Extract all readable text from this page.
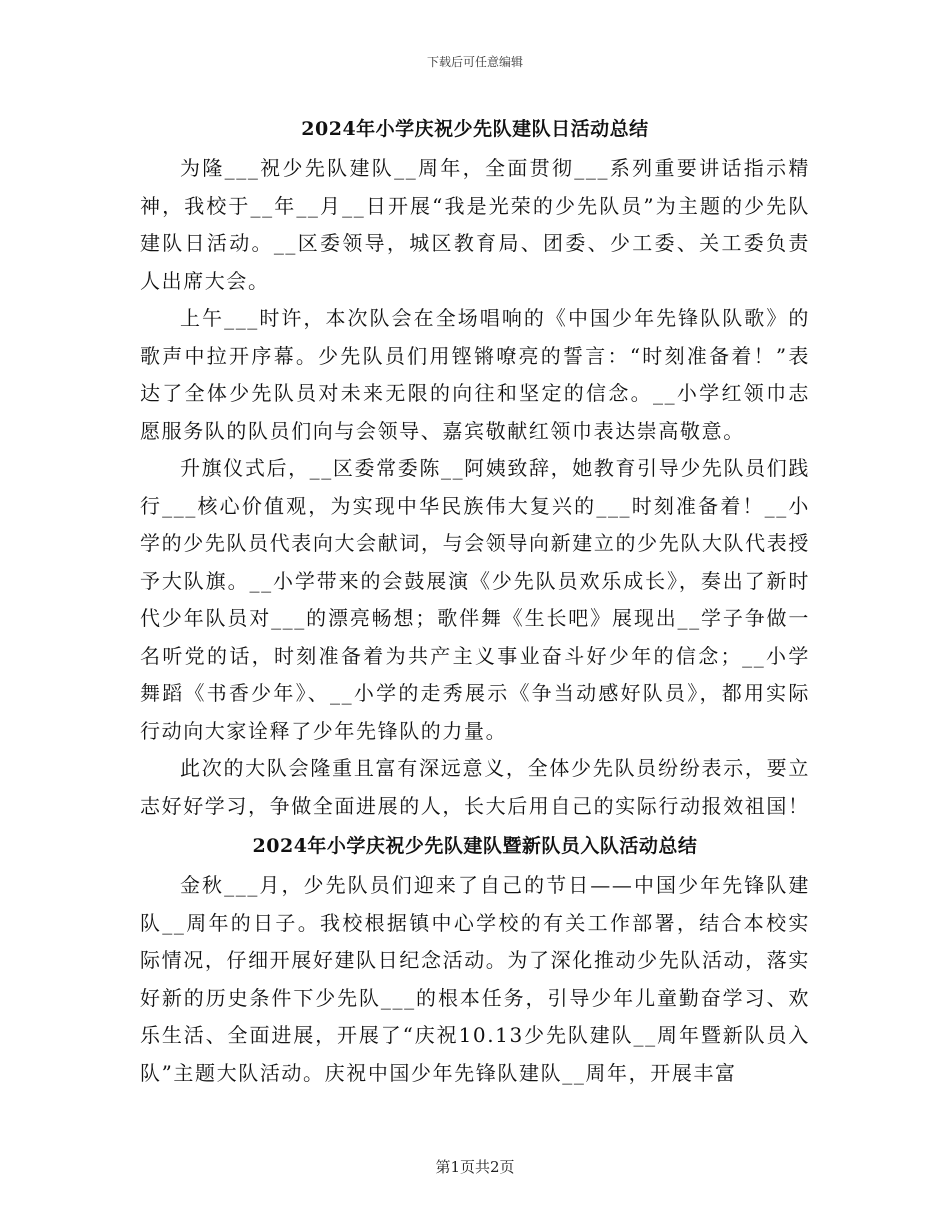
下载后可任意编辑
2024年小学庆祝少先队建队日活动总结

为隆___祝少先队建队__周年，全面贯彻___系列重要讲话指示精神，我校于__年__月__日开展“我是光荣的少先队员”为主题的少先队建队日活动。__区委领导，城区教育局、团委、少工委、关工委负责人出席大会。

上午___时许，本次队会在全场唱响的《中国少年先锋队队歌》的歌声中拉开序幕。少先队员们用铿锵嘹亮的誓言：“时刻准备着！”表达了全体少先队员对未来无限的向往和坚定的信念。__小学红领巾志愿服务队的队员们向与会领导、嘉宾敬献红领巾表达崇高敬意。

升旗仪式后，__区委常委陈__阿姨致辞，她教育引导少先队员们践行___核心价值观，为实现中华民族伟大复兴的___时刻准备着！__小学的少先队员代表向大会献词，与会领导向新建立的少先队大队代表授予大队旗。__小学带来的会鼓展演《少先队员欢乐成长》，奏出了新时代少年队员对___的漂亮畅想；歌伴舞《生长吧》展现出__学子争做一名听党的话，时刻准备着为共产主义事业奋斗好少年的信念；__小学舞蹈《书香少年》、__小学的走秀展示《争当动感好队员》，都用实际行动向大家诠释了少年先锋队的力量。

此次的大队会隆重且富有深远意义，全体少先队员纷纷表示，要立志好好学习，争做全面进展的人，长大后用自己的实际行动报效祖国！

2024年小学庆祝少先队建队暨新队员入队活动总结

金秋___月，少先队员们迎来了自己的节日——中国少年先锋队建队__周年的日子。我校根据镇中心学校的有关工作部署，结合本校实际情况，仔细开展好建队日纪念活动。为了深化推动少先队活动，落实好新的历史条件下少先队___的根本任务，引导少年儿童勤奋学习、欢乐生活、全面进展，开展了“庆祝10.13少先队建队__周年暨新队员入队”主题大队活动。庆祝中国少年先锋队建队__周年，开展丰富

第1页共2页
